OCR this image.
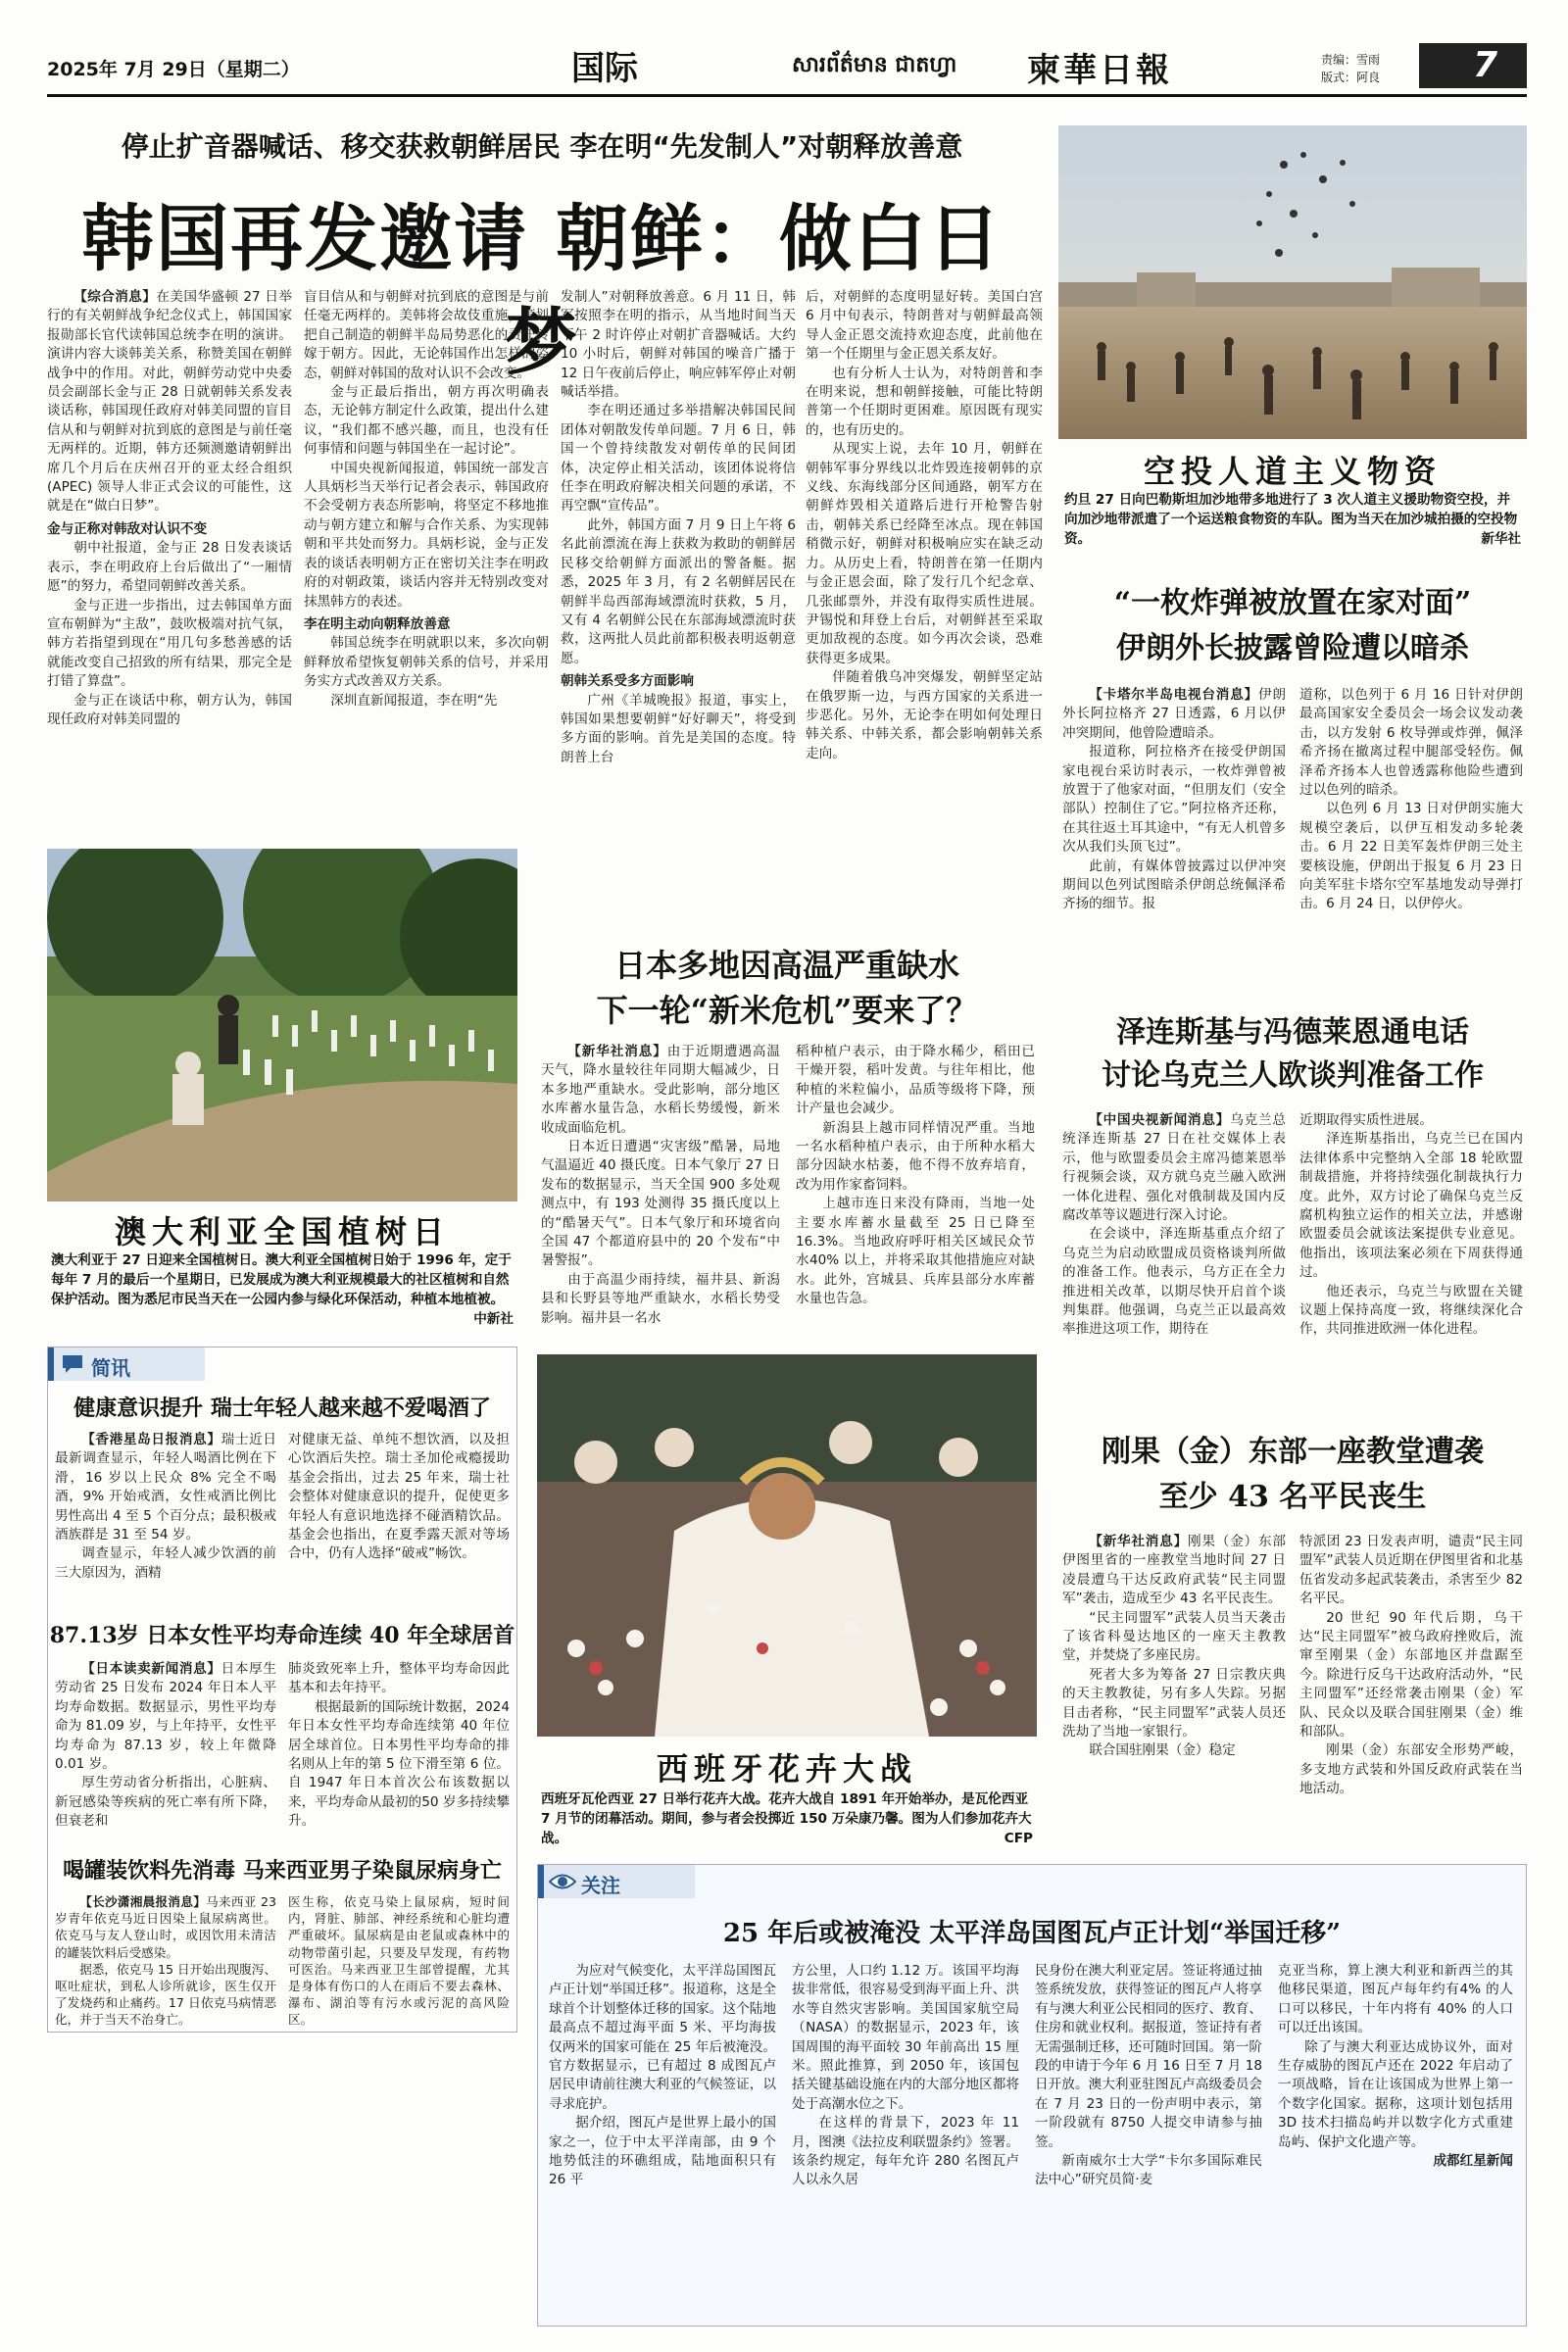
2025年 7月 29日（星期二）	国际	សារព័ត៌មាន ជាតហ្វា 柬華日報	责编：雪雨
版式：阿良	7
停止扩音器喊话、移交获救朝鲜居民 李在明“先发制人”对朝释放善意
韩国再发邀请 朝鲜：做白日梦

【综合消息】在美国华盛顿 27 日举行的有关朝鲜战争纪念仪式上，韩国国家报勋部长官代读韩国总统李在明的演讲。演讲内容大谈韩美关系，称赞美国在朝鲜战争中的作用。对此，朝鲜劳动党中央委员会副部长金与正 28 日就朝韩关系发表谈话称，韩国现任政府对韩美同盟的盲目信从和与朝鲜对抗到底的意图是与前任毫无两样的。近期，韩方还频测邀请朝鲜出席几个月后在庆州召开的亚太经合组织(APEC) 领导人非正式会议的可能性，这就是在“做白日梦”。

金与正称对韩敌对认识不变

朝中社报道，金与正 28 日发表谈话表示，李在明政府上台后做出了“一厢情愿”的努力，希望同朝鲜改善关系。

金与正进一步指出，过去韩国单方面宣布朝鲜为“主敌”，鼓吹极端对抗气氛，韩方若指望到现在“用几句多愁善感的话就能改变自己招致的所有结果，那完全是打错了算盘”。

金与正在谈话中称，朝方认为，韩国现任政府对韩美同盟的

盲目信从和与朝鲜对抗到底的意图是与前任毫无两样的。美韩将会故伎重施，策划把自己制造的朝鲜半岛局势恶化的责任转嫁于朝方。因此，无论韩国作出怎样的姿态，朝鲜对韩国的敌对认识不会改变。

金与正最后指出，朝方再次明确表态，无论韩方制定什么政策，提出什么建议，“我们都不感兴趣，而且，也没有任何事情和问题与韩国坐在一起讨论”。

中国央视新闻报道，韩国统一部发言人具炳杉当天举行记者会表示，韩国政府不会受朝方表态所影响，将坚定不移地推动与朝方建立和解与合作关系、为实现韩朝和平共处而努力。具炳杉说，金与正发表的谈话表明朝方正在密切关注李在明政府的对朝政策，谈话内容并无特别改变对抹黑韩方的表述。

李在明主动向朝释放善意

韩国总统李在明就职以来，多次向朝鲜释放希望恢复朝韩关系的信号，并采用务实方式改善双方关系。

深圳直新闻报道，李在明“先

发制人”对朝释放善意。6 月 11 日，韩军按照李在明的指示，从当地时间当天下午 2 时许停止对朝扩音器喊话。大约 10 小时后，朝鲜对韩国的噪音广播于 12 日午夜前后停止，响应韩军停止对朝喊话举措。

李在明还通过多举措解决韩国民间团体对朝散发传单问题。7 月 6 日，韩国一个曾持续散发对朝传单的民间团体，决定停止相关活动，该团体说将信任李在明政府解决相关问题的承诺，不再空飘“宣传品”。

此外，韩国方面 7 月 9 日上午将 6 名此前漂流在海上获救为救助的朝鲜居民移交给朝鲜方面派出的警备艇。据悉，2025 年 3 月，有 2 名朝鲜居民在朝鲜半岛西部海域漂流时获救，5 月，又有 4 名朝鲜公民在东部海域漂流时获救，这两批人员此前都积极表明返朝意愿。

朝韩关系受多方面影响

广州《羊城晚报》报道，事实上，韩国如果想要朝鲜“好好聊天”，将受到多方面的影响。首先是美国的态度。特朗普上台

后，对朝鲜的态度明显好转。美国白宫 6 月中旬表示，特朗普对与朝鲜最高领导人金正恩交流持欢迎态度，此前他在第一个任期里与金正恩关系友好。

也有分析人士认为，对特朗普和李在明来说，想和朝鲜接触，可能比特朗普第一个任期时更困难。原因既有现实的，也有历史的。

从现实上说，去年 10 月，朝鲜在朝韩军事分界线以北炸毁连接朝韩的京义线、东海线部分区间通路，朝军方在朝鲜炸毁相关道路后进行开枪警告射击，朝韩关系已经降至冰点。现在韩国稍微示好，朝鲜对积极响应实在缺乏动力。从历史上看，特朗普在第一任期内与金正恩会面，除了发行几个纪念章、几张邮票外，并没有取得实质性进展。尹锡悦和拜登上台后，对朝鲜甚至采取更加敌视的态度。如今再次会谈，恐难获得更多成果。

伴随着俄乌冲突爆发，朝鲜坚定站在俄罗斯一边，与西方国家的关系进一步恶化。另外，无论李在明如何处理日韩关系、中韩关系，都会影响朝韩关系走向。

空投人道主义物资
约旦 27 日向巴勒斯坦加沙地带多地进行了 3 次人道主义援助物资空投，并向加沙地带派遣了一个运送粮食物资的车队。图为当天在加沙城拍摄的空投物资。	新华社
“一枚炸弹被放置在家对面”
伊朗外长披露曾险遭以暗杀

【卡塔尔半岛电视台消息】伊朗外长阿拉格齐 27 日透露，6 月以伊冲突期间，他曾险遭暗杀。

报道称，阿拉格齐在接受伊朗国家电视台采访时表示，一枚炸弹曾被放置于了他家对面，“但朋友们（安全部队）控制住了它。”阿拉格齐还称，在其往返土耳其途中，“有无人机曾多次从我们头顶飞过”。

此前，有媒体曾披露过以伊冲突期间以色列试图暗杀伊朗总统佩泽希齐扬的细节。报

道称，以色列于 6 月 16 日针对伊朗最高国家安全委员会一场会议发动袭击，以方发射 6 枚导弹或炸弹，佩泽希齐扬在撤离过程中腿部受轻伤。佩泽希齐扬本人也曾透露称他险些遭到过以色列的暗杀。

以色列 6 月 13 日对伊朗实施大规模空袭后，以伊互相发动多轮袭击。6 月 22 日美军轰炸伊朗三处主要核设施，伊朗出于报复 6 月 23 日向美军驻卡塔尔空军基地发动导弹打击。6 月 24 日，以伊停火。

澳大利亚全国植树日
澳大利亚于 27 日迎来全国植树日。澳大利亚全国植树日始于 1996 年，定于每年 7 月的最后一个星期日，已发展成为澳大利亚规模最大的社区植树和自然保护活动。图为悉尼市民当天在一公园内参与绿化环保活动，种植本地植被。
中新社
日本多地因高温严重缺水
下一轮“新米危机”要来了？

【新华社消息】由于近期遭遇高温天气，降水量较往年同期大幅减少，日本多地严重缺水。受此影响，部分地区水库蓄水量告急，水稻长势缓慢，新米收成面临危机。

日本近日遭遇“灾害级”酷暑，局地气温逼近 40 摄氏度。日本气象厅 27 日发布的数据显示，当天全国 900 多处观测点中，有 193 处测得 35 摄氏度以上的“酷暑天气”。日本气象厅和环境省向全国 47 个都道府县中的 20 个发布“中暑警报”。

由于高温少雨持续，福井县、新潟县和长野县等地严重缺水，水稻长势受影响。福井县一名水

稻种植户表示，由于降水稀少，稻田已干燥开裂，稻叶发黄。与往年相比，他种植的米粒偏小，品质等级将下降，预计产量也会减少。

新潟县上越市同样情况严重。当地一名水稻种植户表示，由于所种水稻大部分因缺水枯萎，他不得不放弃培育，改为用作家畜饲料。

上越市连日来没有降雨，当地一处主要水库蓄水量截至 25 日已降至 16.3%。当地政府呼吁相关区域民众节水40% 以上，并将采取其他措施应对缺水。此外，宫城县、兵库县部分水库蓄水量也告急。

泽连斯基与冯德莱恩通电话
讨论乌克兰人欧谈判准备工作

【中国央视新闻消息】乌克兰总统泽连斯基 27 日在社交媒体上表示，他与欧盟委员会主席冯德莱恩举行视频会谈，双方就乌克兰融入欧洲一体化进程、强化对俄制裁及国内反腐改革等议题进行深入讨论。

在会谈中，泽连斯基重点介绍了乌克兰为启动欧盟成员资格谈判所做的准备工作。他表示，乌方正在全力推进相关改革，以期尽快开启首个谈判集群。他强调，乌克兰正以最高效率推进这项工作，期待在

近期取得实质性进展。

泽连斯基指出，乌克兰已在国内法律体系中完整纳入全部 18 轮欧盟制裁措施，并将持续强化制裁执行力度。此外，双方讨论了确保乌克兰反腐机构独立运作的相关立法，并感谢欧盟委员会就该法案提供专业意见。他指出，该项法案必须在下周获得通过。

他还表示，乌克兰与欧盟在关键议题上保持高度一致，将继续深化合作，共同推进欧洲一体化进程。

简讯
健康意识提升 瑞士年轻人越来越不爱喝酒了

【香港星岛日报消息】瑞士近日最新调查显示，年轻人喝酒比例在下滑，16 岁以上民众 8% 完全不喝酒，9% 开始戒酒，女性戒酒比例比男性高出 4 至 5 个百分点；最积极戒酒族群是 31 至 54 岁。

调查显示，年轻人减少饮酒的前三大原因为，酒精

对健康无益、单纯不想饮酒，以及担心饮酒后失控。瑞士圣加伦戒瘾援助基金会指出，过去 25 年来，瑞士社会整体对健康意识的提升，促使更多年轻人有意识地选择不碰酒精饮品。基金会也指出，在夏季露天派对等场合中，仍有人选择“破戒”畅饮。

87.13岁 日本女性平均寿命连续 40 年全球居首

【日本读卖新闻消息】日本厚生劳动省 25 日发布 2024 年日本人平均寿命数据。数据显示，男性平均寿命为 81.09 岁，与上年持平，女性平均寿命为 87.13 岁，较上年微降 0.01 岁。

厚生劳动省分析指出，心脏病、新冠感染等疾病的死亡率有所下降，但衰老和

肺炎致死率上升，整体平均寿命因此基本和去年持平。

根据最新的国际统计数据，2024 年日本女性平均寿命连续第 40 年位居全球首位。日本男性平均寿命的排名则从上年的第 5 位下滑至第 6 位。自 1947 年日本首次公布该数据以来，平均寿命从最初的50 岁多持续攀升。

喝罐装饮料先消毒 马来西亚男子染鼠尿病身亡

【长沙潇湘晨报消息】马来西亚 23 岁青年依克马近日因染上鼠尿病离世。依克马与友人登山时，或因饮用未清洁的罐装饮料后受感染。

据悉，依克马 15 日开始出现腹泻、呕吐症状，到私人诊所就诊，医生仅开了发烧药和止痛药。17 日依克马病情恶化，并于当天不治身亡。

医生称，依克马染上鼠尿病，短时间内，肾脏、肺部、神经系统和心脏均遭严重破坏。鼠尿病是由老鼠或森林中的动物带菌引起，只要及早发现，有药物可医治。马来西亚卫生部曾提醒，尤其是身体有伤口的人在雨后不要去森林、瀑布、湖泊等有污水或污泥的高风险区。

西班牙花卉大战
西班牙瓦伦西亚 27 日举行花卉大战。花卉大战自 1891 年开始举办，是瓦伦西亚 7 月节的闭幕活动。期间，参与者会投掷近 150 万朵康乃馨。图为人们参加花卉大战。	CFP
刚果（金）东部一座教堂遭袭
至少 43 名平民丧生

【新华社消息】刚果（金）东部伊图里省的一座教堂当地时间 27 日凌晨遭乌干达反政府武装“民主同盟军”袭击，造成至少 43 名平民丧生。

“民主同盟军”武装人员当天袭击了该省科曼达地区的一座天主教教堂，并焚烧了多座民房。

死者大多为筹备 27 日宗教庆典的天主教教徒，另有多人失踪。另据目击者称，“民主同盟军”武装人员还洗劫了当地一家银行。

联合国驻刚果（金）稳定

特派团 23 日发表声明，谴责“民主同盟军”武装人员近期在伊图里省和北基伍省发动多起武装袭击，杀害至少 82 名平民。

20 世纪 90 年代后期，乌干达“民主同盟军”被乌政府挫败后，流窜至刚果（金）东部地区并盘踞至今。除进行反乌干达政府活动外，“民主同盟军”还经常袭击刚果（金）军队、民众以及联合国驻刚果（金）维和部队。

刚果（金）东部安全形势严峻，多支地方武装和外国反政府武装在当地活动。

关注
25 年后或被淹没 太平洋岛国图瓦卢正计划“举国迁移”

为应对气候变化，太平洋岛国图瓦卢正计划“举国迁移”。报道称，这是全球首个计划整体迁移的国家。这个陆地最高点不超过海平面 5 米、平均海拔仅两米的国家可能在 25 年后被淹没。官方数据显示，已有超过 8 成图瓦卢居民申请前往澳大利亚的气候签证，以寻求庇护。

据介绍，图瓦卢是世界上最小的国家之一，位于中太平洋南部，由 9 个地势低洼的环礁组成，陆地面积只有 26 平

方公里，人口约 1.12 万。该国平均海拔非常低，很容易受到海平面上升、洪水等自然灾害影响。美国国家航空局（NASA）的数据显示，2023 年，该国周围的海平面较 30 年前高出 15 厘米。照此推算，到 2050 年，该国包括关键基础设施在内的大部分地区都将处于高潮水位之下。

在这样的背景下，2023 年 11 月，图澳《法拉皮利联盟条约》签署。该条约规定，每年允许 280 名图瓦卢人以永久居

民身份在澳大利亚定居。签证将通过抽签系统发放，获得签证的图瓦卢人将享有与澳大利亚公民相同的医疗、教育、住房和就业权利。据报道，签证持有者无需强制迁移，还可随时回国。第一阶段的申请于今年 6 月 16 日至 7 月 18 日开放。澳大利亚驻图瓦卢高级委员会在 7 月 23 日的一份声明中表示，第一阶段就有 8750 人提交申请参与抽签。

新南威尔士大学“卡尔多国际难民法中心”研究员简·麦

克亚当称，算上澳大利亚和新西兰的其他移民渠道，图瓦卢每年约有4% 的人口可以移民，十年内将有 40% 的人口可以迁出该国。

除了与澳大利亚达成协议外，面对生存威胁的图瓦卢还在 2022 年启动了一项战略，旨在让该国成为世界上第一个数字化国家。据称，这项计划包括用 3D 技术扫描岛屿并以数字化方式重建岛屿、保护文化遗产等。

成都红星新闻
